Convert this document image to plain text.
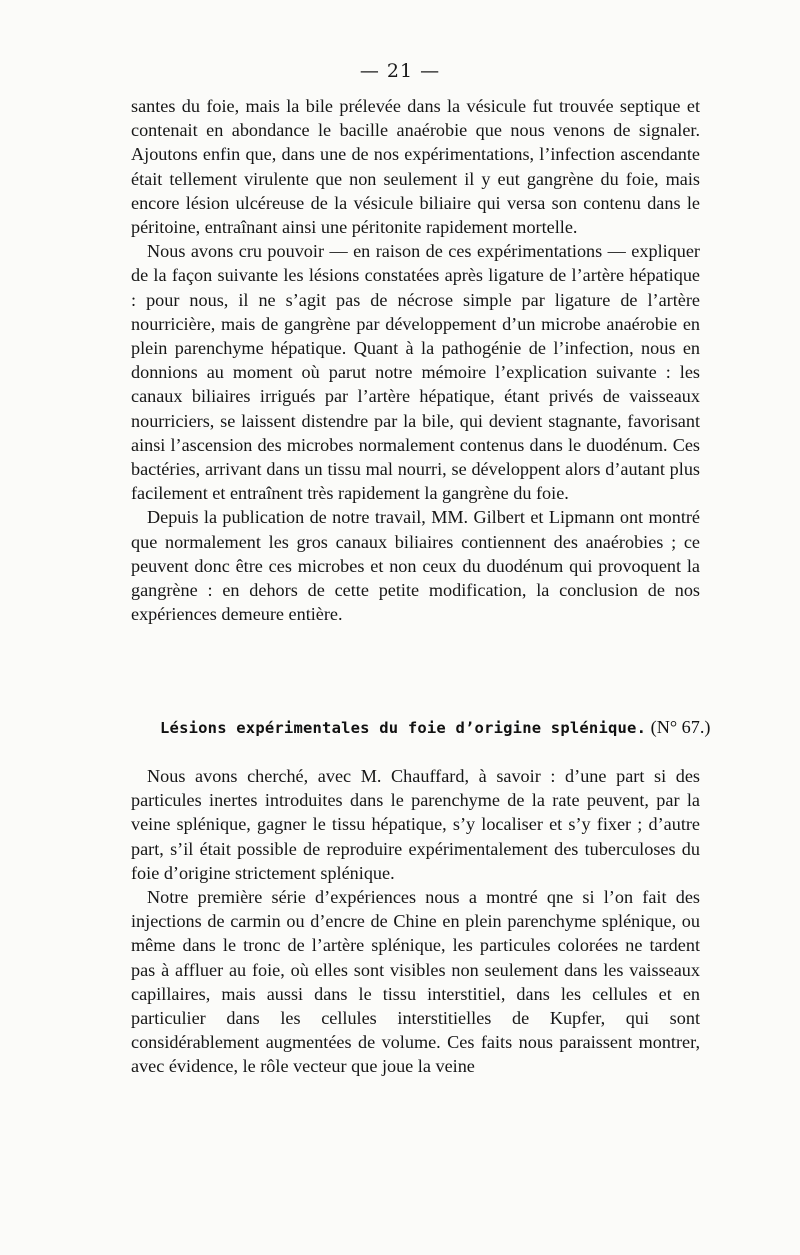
— 21 —

santes du foie, mais la bile prélevée dans la vésicule fut trouvée septique et contenait en abondance le bacille anaérobie que nous venons de signaler. Ajoutons enfin que, dans une de nos expérimentations, l’infection ascendante était tellement virulente que non seulement il y eut gangrène du foie, mais encore lésion ulcéreuse de la vésicule biliaire qui versa son contenu dans le péritoine, entraînant ainsi une péritonite rapidement mortelle.

Nous avons cru pouvoir — en raison de ces expérimentations — expliquer de la façon suivante les lésions constatées après ligature de l’artère hépatique : pour nous, il ne s’agit pas de nécrose simple par ligature de l’artère nourricière, mais de gangrène par développement d’un microbe anaérobie en plein parenchyme hépatique. Quant à la pathogénie de l’infection, nous en donnions au moment où parut notre mémoire l’explication suivante : les canaux biliaires irrigués par l’artère hépatique, étant privés de vaisseaux nourriciers, se laissent distendre par la bile, qui devient stagnante, favorisant ainsi l’ascension des microbes normalement contenus dans le duodénum. Ces bactéries, arrivant dans un tissu mal nourri, se développent alors d’autant plus facilement et entraînent très rapidement la gangrène du foie.

Depuis la publication de notre travail, MM. Gilbert et Lipmann ont montré que normalement les gros canaux biliaires contiennent des anaérobies ; ce peuvent donc être ces microbes et non ceux du duodénum qui provoquent la gangrène : en dehors de cette petite modification, la conclusion de nos expériences demeure entière.

Lésions expérimentales du foie d’origine splénique. (N° 67.)

Nous avons cherché, avec M. Chauffard, à savoir : d’une part si des particules inertes introduites dans le parenchyme de la rate peuvent, par la veine splénique, gagner le tissu hépatique, s’y localiser et s’y fixer ; d’autre part, s’il était possible de reproduire expérimentalement des tuberculoses du foie d’origine strictement splénique.

Notre première série d’expériences nous a montré qne si l’on fait des injections de carmin ou d’encre de Chine en plein parenchyme splénique, ou même dans le tronc de l’artère splénique, les particules colorées ne tardent pas à affluer au foie, où elles sont visibles non seulement dans les vaisseaux capillaires, mais aussi dans le tissu interstitiel, dans les cellules et en particulier dans les cellules interstitielles de Kupfer, qui sont considérablement augmentées de volume. Ces faits nous paraissent montrer, avec évidence, le rôle vecteur que joue la veine
